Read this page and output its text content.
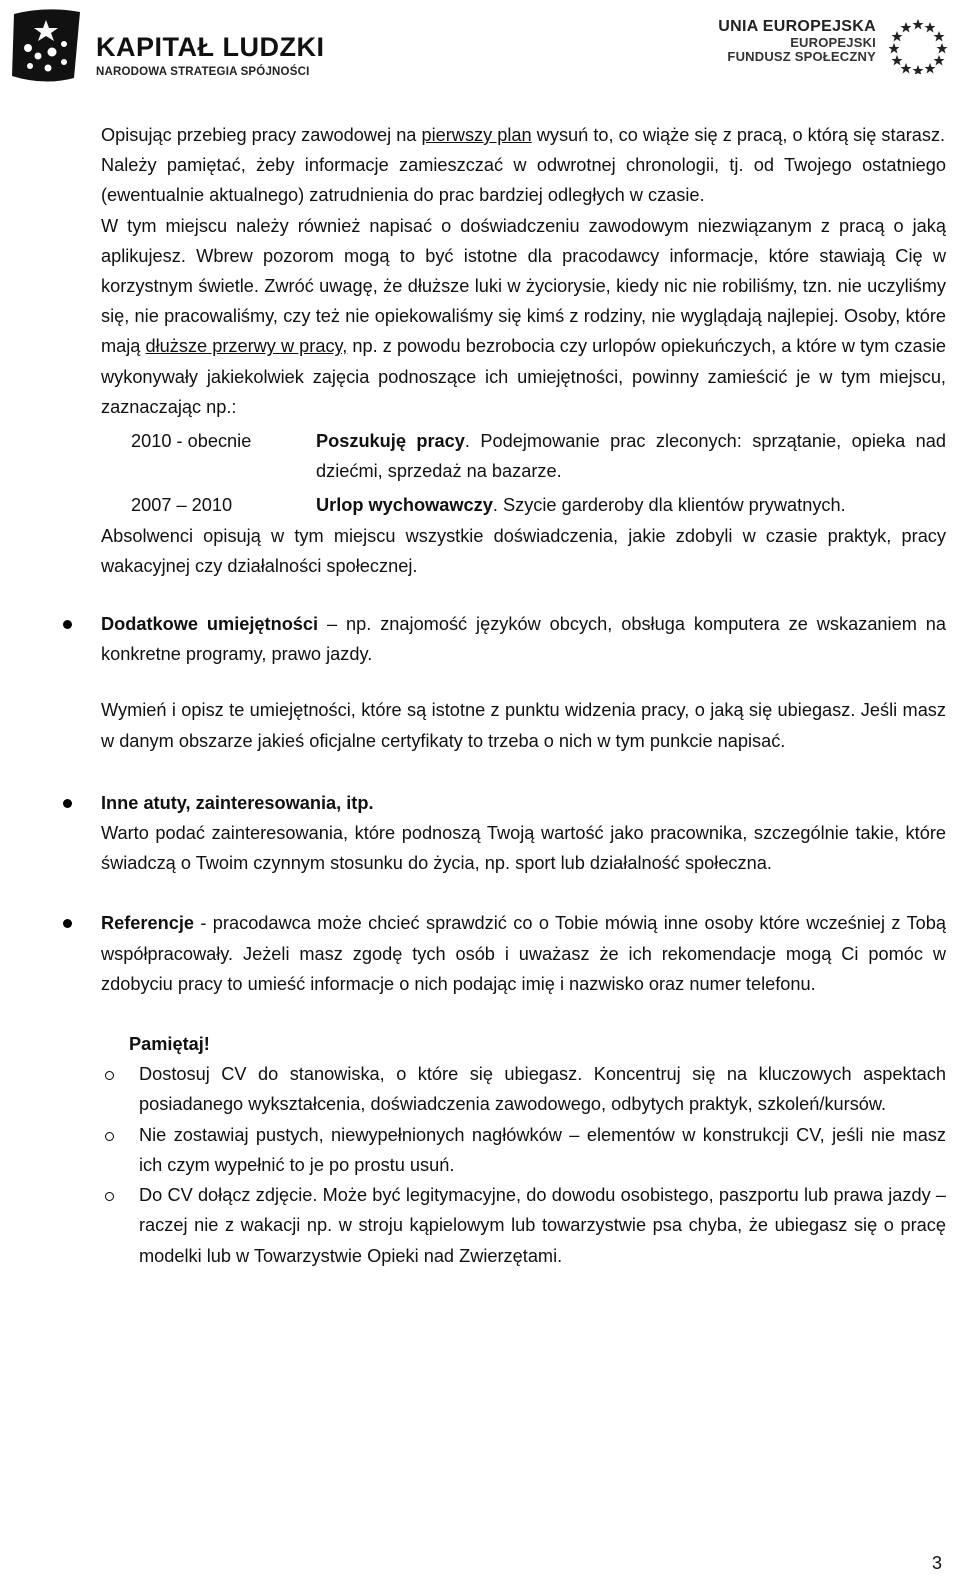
KAPITAŁ LUDZKI
NARODOWA STRATEGIA SPÓJNOŚCI
UNIA EUROPEJSKA
EUROPEJSKI
FUNDUSZ SPOŁECZNY

Opisując przebieg pracy zawodowej na pierwszy plan wysuń to, co wiąże się z pracą, o którą się starasz.

Należy pamiętać, żeby informacje zamieszczać w odwrotnej chronologii, tj. od Twojego ostatniego (ewentualnie aktualnego) zatrudnienia do prac bardziej odległych w czasie.

W tym miejscu należy również napisać o doświadczeniu zawodowym niezwiązanym z pracą o jaką aplikujesz. Wbrew pozorom mogą to być istotne dla pracodawcy informacje, które stawiają Cię w korzystnym świetle. Zwróć uwagę, że dłuższe luki w życiorysie, kiedy nic nie robiliśmy, tzn. nie uczyliśmy się, nie pracowaliśmy, czy też nie opiekowaliśmy się kimś z rodziny, nie wyglądają najlepiej. Osoby, które mają dłuższe przerwy w pracy, np. z powodu bezrobocia czy urlopów opiekuńczych, a które w tym czasie wykonywały jakiekolwiek zajęcia podnoszące ich umiejętności, powinny zamieścić je w tym miejscu, zaznaczając np.:

2010 - obecnie	Poszukuję pracy. Podejmowanie prac zleconych: sprzątanie, opieka nad dziećmi, sprzedaż na bazarze.
2007 – 2010	Urlop wychowawczy. Szycie garderoby dla klientów prywatnych.

Absolwenci opisują w tym miejscu wszystkie doświadczenia, jakie zdobyli w czasie praktyk, pracy wakacyjnej czy działalności społecznej.

Dodatkowe umiejętności – np. znajomość języków obcych, obsługa komputera ze wskazaniem na konkretne programy, prawo jazdy.

Wymień i opisz te umiejętności, które są istotne z punktu widzenia pracy, o jaką się ubiegasz. Jeśli masz w danym obszarze jakieś oficjalne certyfikaty to trzeba o nich w tym punkcie napisać.

Inne atuty, zainteresowania, itp.

Warto podać zainteresowania, które podnoszą Twoją wartość jako pracownika, szczególnie takie, które świadczą o Twoim czynnym stosunku do życia, np. sport lub działalność społeczna.

Referencje - pracodawca może chcieć sprawdzić co o Tobie mówią inne osoby które wcześniej z Tobą współpracowały. Jeżeli masz zgodę tych osób i uważasz że ich rekomendacje mogą Ci pomóc w zdobyciu pracy to umieść informacje o nich podając imię i nazwisko oraz numer telefonu.

Pamiętaj!
Dostosuj CV do stanowiska, o które się ubiegasz. Koncentruj się na kluczowych aspektach posiadanego wykształcenia, doświadczenia zawodowego, odbytych praktyk, szkoleń/kursów.
Nie zostawiaj pustych, niewypełnionych nagłówków – elementów w konstrukcji CV, jeśli nie masz ich czym wypełnić to je po prostu usuń.
Do CV dołącz zdjęcie. Może być legitymacyjne, do dowodu osobistego, paszportu lub prawa jazdy – raczej nie z wakacji np. w stroju kąpielowym lub towarzystwie psa chyba, że ubiegasz się o pracę modelki lub w Towarzystwie Opieki nad Zwierzętami.
3
